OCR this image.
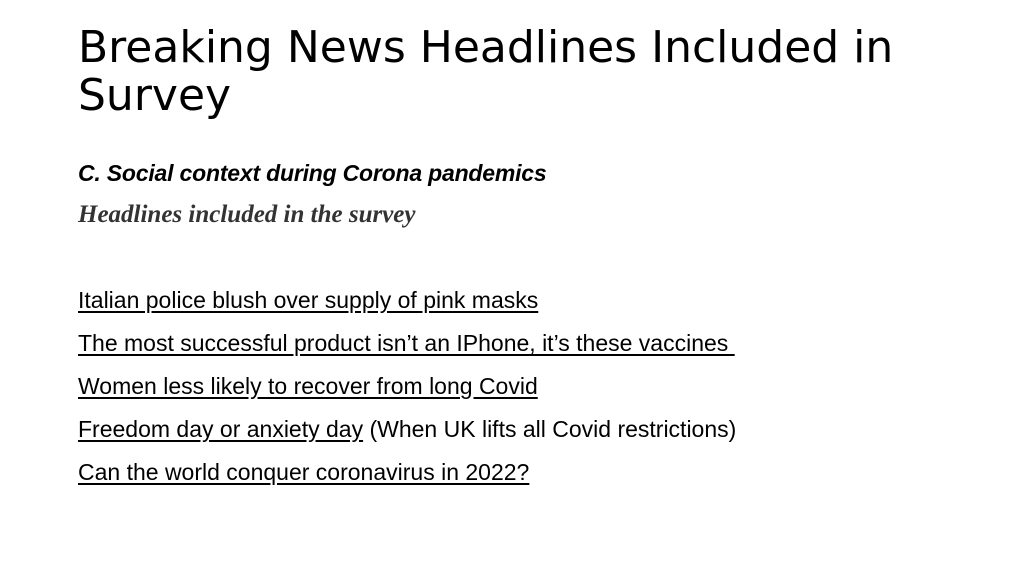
Breaking News Headlines Included in Survey

C. Social context during Corona pandemics

Headlines included in the survey

Italian police blush over supply of pink masks
The most successful product isn’t an IPhone, it’s these vaccines
Women less likely to recover from long Covid
Freedom day or anxiety day (When UK lifts all Covid restrictions)
Can the world conquer coronavirus in 2022?
